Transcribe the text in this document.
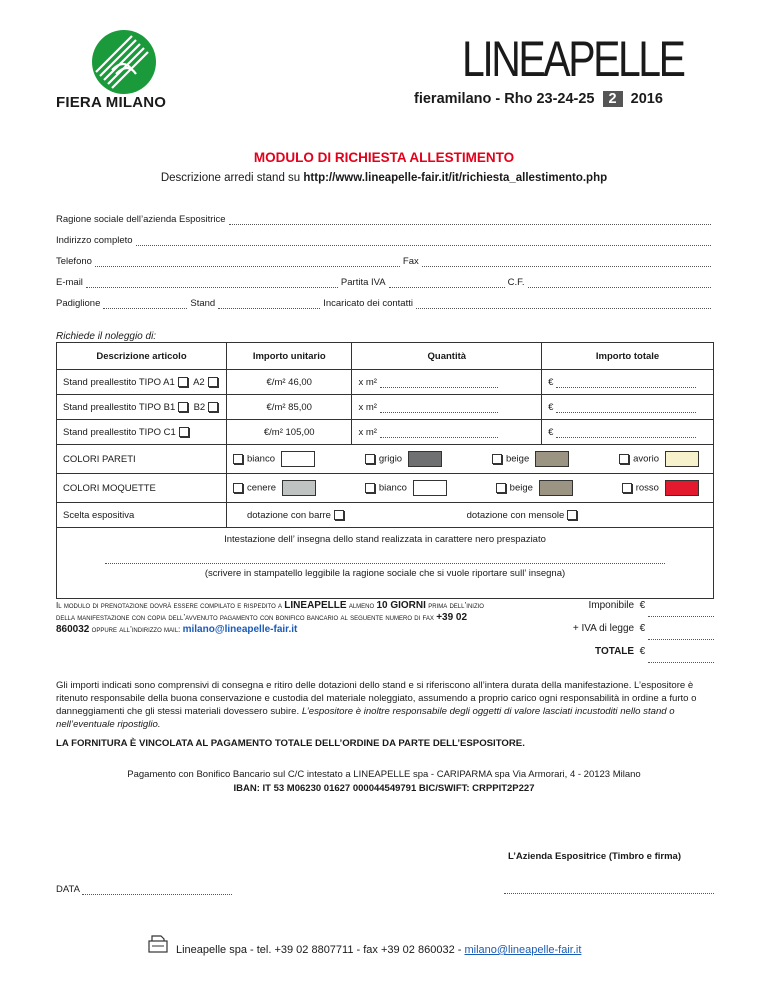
FIERA MILANO
LINEAPELLE
fieramilano - Rho 23-24-25 2 2016
MODULO DI RICHIESTA ALLESTIMENTO
Descrizione arredi stand su http://www.lineapelle-fair.it/it/richiesta_allestimento.php
Ragione sociale dell’azienda Espositrice
Indirizzo completo
Telefono	Fax
E-mail	Partita IVA	C.F.
Padiglione	Stand	Incaricato dei contatti
Richiede il noleggio di:
Descrizione articolo	Importo unitario	Quantità	Importo totale
Stand preallestito TIPO A1 A2	€/m² 46,00	x m²	€
Stand preallestito TIPO B1 B2	€/m² 85,00	x m²	€
Stand preallestito TIPO C1	€/m² 105,00	x m²	€
COLORI PARETI	bianco grigio beige avorio		

COLORI MOQUETTE	cenere bianco beige rosso		

Scelta espositiva	dotazione con barre dotazione con mensole		

Intestazione dell’ insegna dello stand realizzata in carattere nero prespaziato
(scrivere in stampatello leggibile la ragione sociale che si vuole riportare sull’ insegna)			
Il modulo di prenotazione dovrà essere compilato e rispedito a LINEAPELLE almeno 10 GIORNI prima dell’inizio della manifestazione con copia dell’avvenuto pagamento con bonifico bancario al seguente numero di fax +39 02 860032 oppure all’indirizzo mail: milano@lineapelle-fair.it
Imponibile €
+ IVA di legge €
TOTALE €
Gli importi indicati sono comprensivi di consegna e ritiro delle dotazioni dello stand e si riferiscono all’intera durata della manifestazione. L’espositore è ritenuto responsabile della buona conservazione e custodia del materiale noleggiato, assumendo a proprio carico ogni responsabilità in ordine a furto o danneggiamenti che gli stessi materiali dovessero subire. L’espositore è inoltre responsabile degli oggetti di valore lasciati incustoditi nello stand o nell’eventuale ripostiglio.
LA FORNITURA È VINCOLATA AL PAGAMENTO TOTALE DELL’ORDINE DA PARTE DELL’ESPOSITORE.
Pagamento con Bonifico Bancario sul C/C intestato a LINEAPELLE spa - CARIPARMA spa Via Armorari, 4 - 20123 Milano
IBAN: IT 53 M06230 01627 000044549791 BIC/SWIFT: CRPPIT2P227
L’Azienda Espositrice (Timbro e firma)
DATA
Lineapelle spa - tel. +39 02 8807711 - fax +39 02 860032 - milano@lineapelle-fair.it
